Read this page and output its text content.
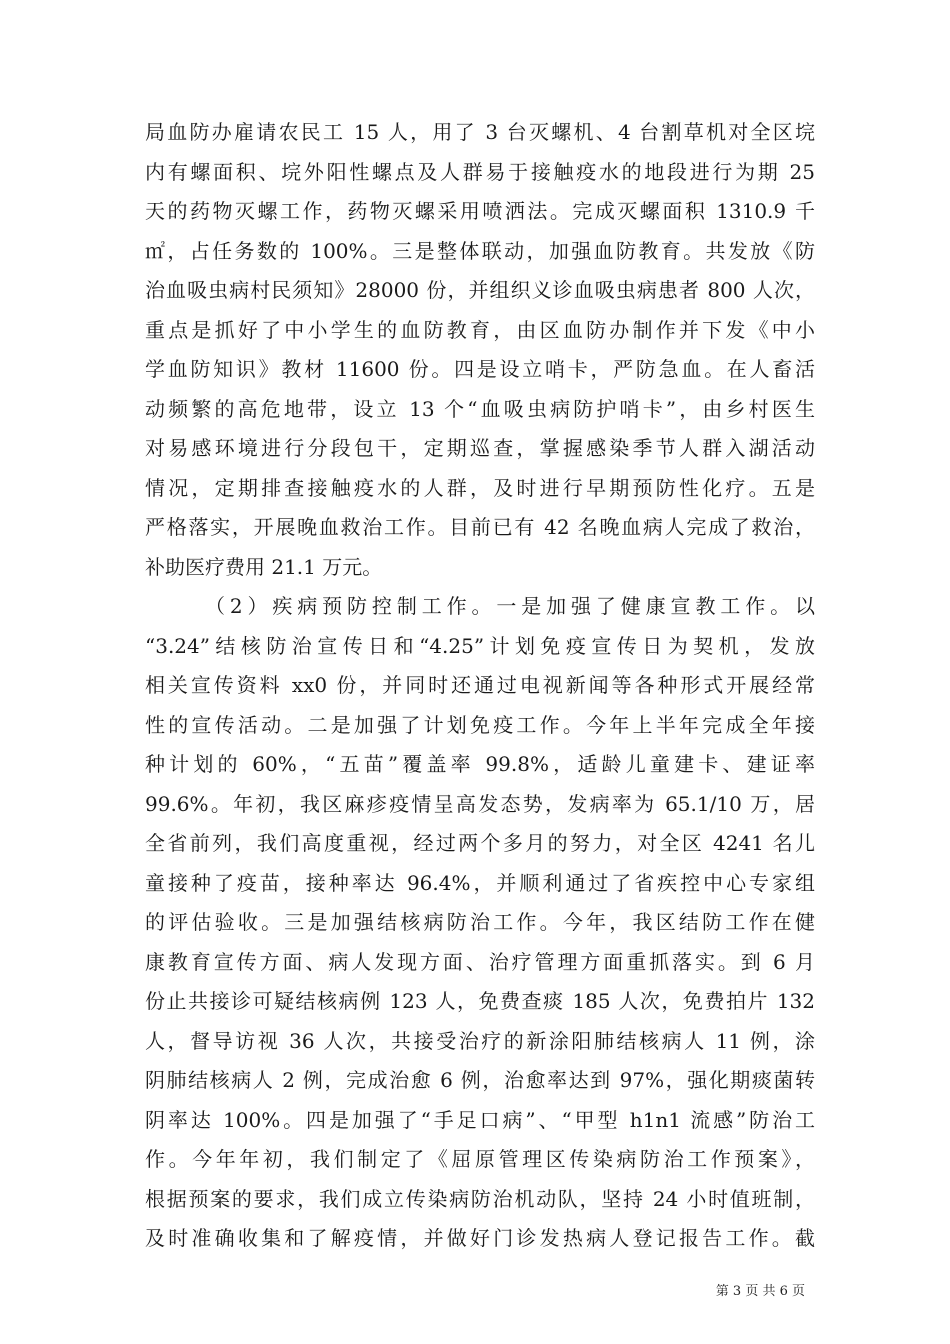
局血防办雇请农民工 15 人，用了 3 台灭螺机、4 台割草机对全区垸
内有螺面积、垸外阳性螺点及人群易于接触疫水的地段进行为期 25
天的药物灭螺工作，药物灭螺采用喷洒法。完成灭螺面积 1310.9 千
㎡，占任务数的 100%。三是整体联动，加强血防教育。共发放《防
治血吸虫病村民须知》28000 份，并组织义诊血吸虫病患者 800 人次，
重点是抓好了中小学生的血防教育，由区血防办制作并下发《中小
学血防知识》教材 11600 份。四是设立哨卡，严防急血。在人畜活
动频繁的高危地带，设立 13 个“血吸虫病防护哨卡”，由乡村医生
对易感环境进行分段包干，定期巡查，掌握感染季节人群入湖活动
情况，定期排查接触疫水的人群，及时进行早期预防性化疗。五是
严格落实，开展晚血救治工作。目前已有 42 名晚血病人完成了救治，
补助医疗费用 21.1 万元。
（2）疾病预防控制工作。一是加强了健康宣教工作。以
“3.24”结核防治宣传日和“4.25”计划免疫宣传日为契机，发放
相关宣传资料 xx0 份，并同时还通过电视新闻等各种形式开展经常
性的宣传活动。二是加强了计划免疫工作。今年上半年完成全年接
种计划的 60%，“五苗”覆盖率 99.8%，适龄儿童建卡、建证率
99.6%。年初，我区麻疹疫情呈高发态势，发病率为 65.1/10 万，居
全省前列，我们高度重视，经过两个多月的努力，对全区 4241 名儿
童接种了疫苗，接种率达 96.4%，并顺利通过了省疾控中心专家组
的评估验收。三是加强结核病防治工作。今年，我区结防工作在健
康教育宣传方面、病人发现方面、治疗管理方面重抓落实。到 6 月
份止共接诊可疑结核病例 123 人，免费查痰 185 人次，免费拍片 132
人，督导访视 36 人次，共接受治疗的新涂阳肺结核病人 11 例，涂
阴肺结核病人 2 例，完成治愈 6 例，治愈率达到 97%，强化期痰菌转
阴率达 100%。四是加强了“手足口病”、“甲型 h1n1 流感”防治工
作。今年年初，我们制定了《屈原管理区传染病防治工作预案》，
根据预案的要求，我们成立传染病防治机动队，坚持 24 小时值班制，
及时准确收集和了解疫情，并做好门诊发热病人登记报告工作。截
第 3 页 共 6 页
